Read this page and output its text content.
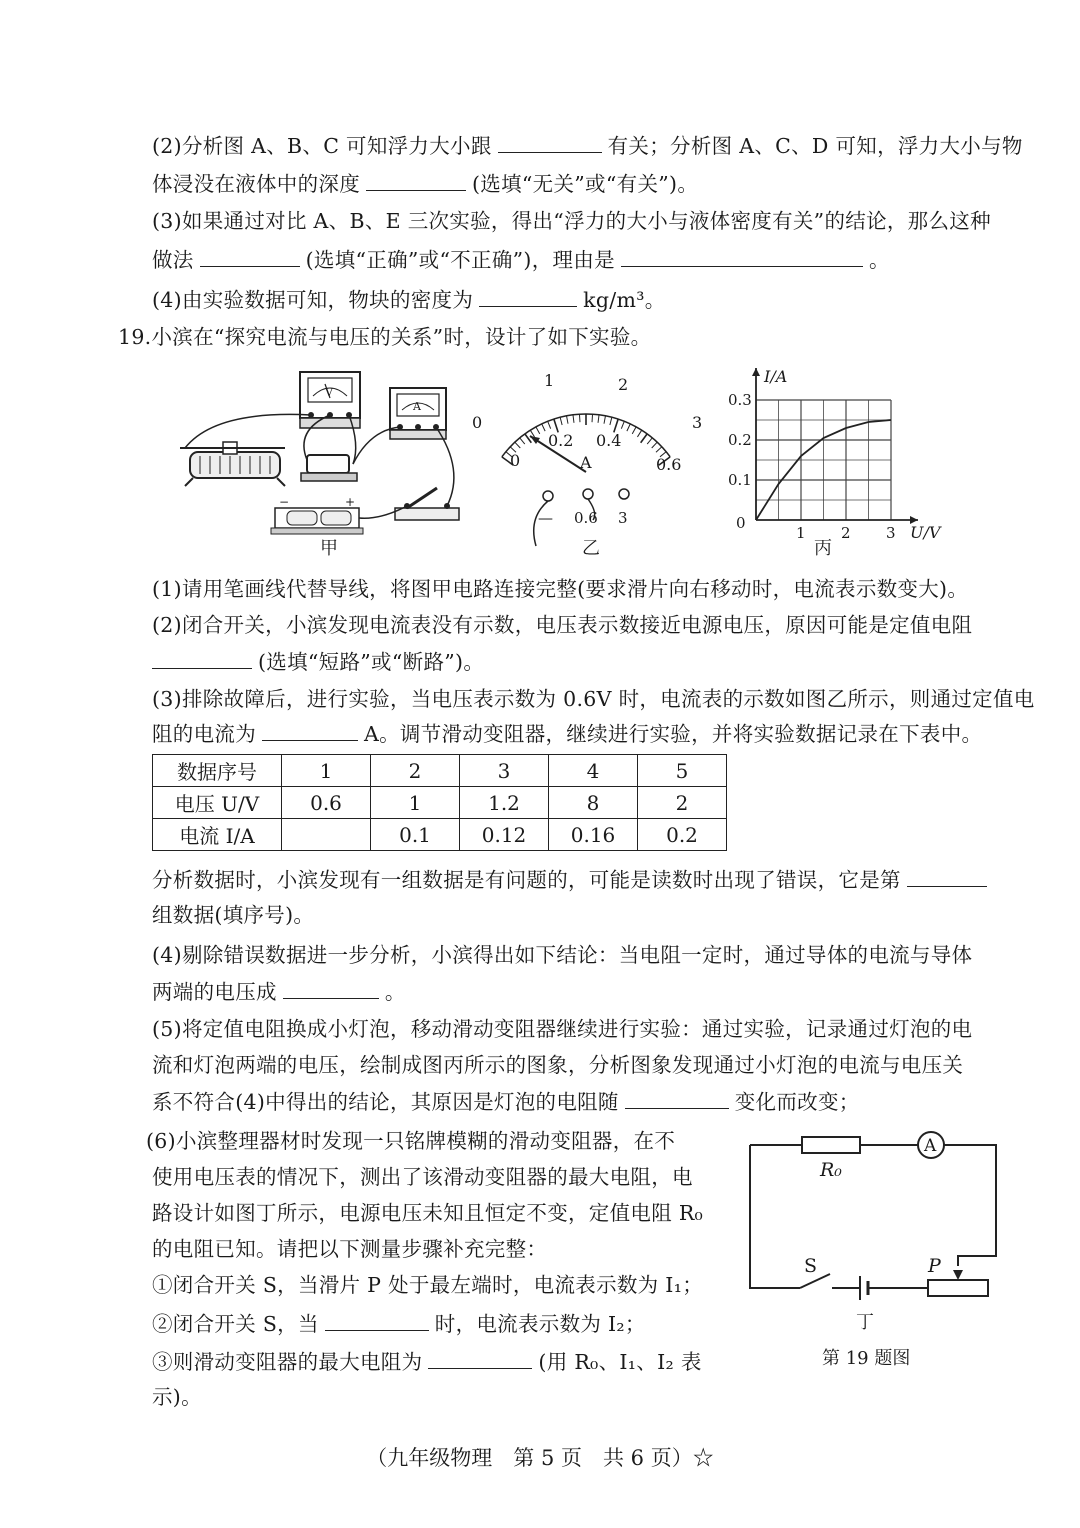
(2)分析图 A、B、C 可知浮力大小跟	有关；分析图 A、C、D 可知，浮力大小与物
体浸没在液体中的深度	(选填“无关”或“有关”)。
(3)如果通过对比 A、B、E 三次实验，得出“浮力的大小与液体密度有关”的结论，那么这种
做法	(选填“正确”或“不正确”)，理由是	。
(4)由实验数据可知，物块的密度为	kg/m³。
19.小滨在“探究电流与电压的关系”时，设计了如下实验。
V
A
−	+
甲
0
1	2
0	3
0.2 0.4
0.6
A
— 0.6 3
乙
I/A
U/V
0
1 2 3
0.1
0.2
0.3
丙
(1)请用笔画线代替导线，将图甲电路连接完整(要求滑片向右移动时，电流表示数变大)。
(2)闭合开关，小滨发现电流表没有示数，电压表示数接近电源电压，原因可能是定值电阻
(选填“短路”或“断路”)。
(3)排除故障后，进行实验，当电压表示数为 0.6V 时，电流表的示数如图乙所示，则通过定值电
阻的电流为	A。调节滑动变阻器，继续进行实验，并将实验数据记录在下表中。
数据序号	1	2	3	4	5
电压 U/V	0.6	1	1.2	8	2
电流 I/A		0.1	0.12	0.16	0.2
分析数据时，小滨发现有一组数据是有问题的，可能是读数时出现了错误，它是第
组数据(填序号)。
(4)剔除错误数据进一步分析，小滨得出如下结论：当电阻一定时，通过导体的电流与导体
两端的电压成	。
(5)将定值电阻换成小灯泡，移动滑动变阻器继续进行实验：通过实验，记录通过灯泡的电
流和灯泡两端的电压，绘制成图丙所示的图象，分析图象发现通过小灯泡的电流与电压关
系不符合(4)中得出的结论，其原因是灯泡的电阻随	变化而改变；
(6)小滨整理器材时发现一只铭牌模糊的滑动变阻器，在不
使用电压表的情况下，测出了该滑动变阻器的最大电阻，电
路设计如图丁所示，电源电压未知且恒定不变，定值电阻 R₀
的电阻已知。请把以下测量步骤补充完整：
①闭合开关 S，当滑片 P 处于最左端时，电流表示数为 I₁；
②闭合开关 S，当	时，电流表示数为 I₂；
③则滑动变阻器的最大电阻为	(用 R₀、I₁、I₂ 表
示)。
A
R₀
S	P
丁
第 19 题图
（九年级物理　第 5 页　共 6 页）☆
